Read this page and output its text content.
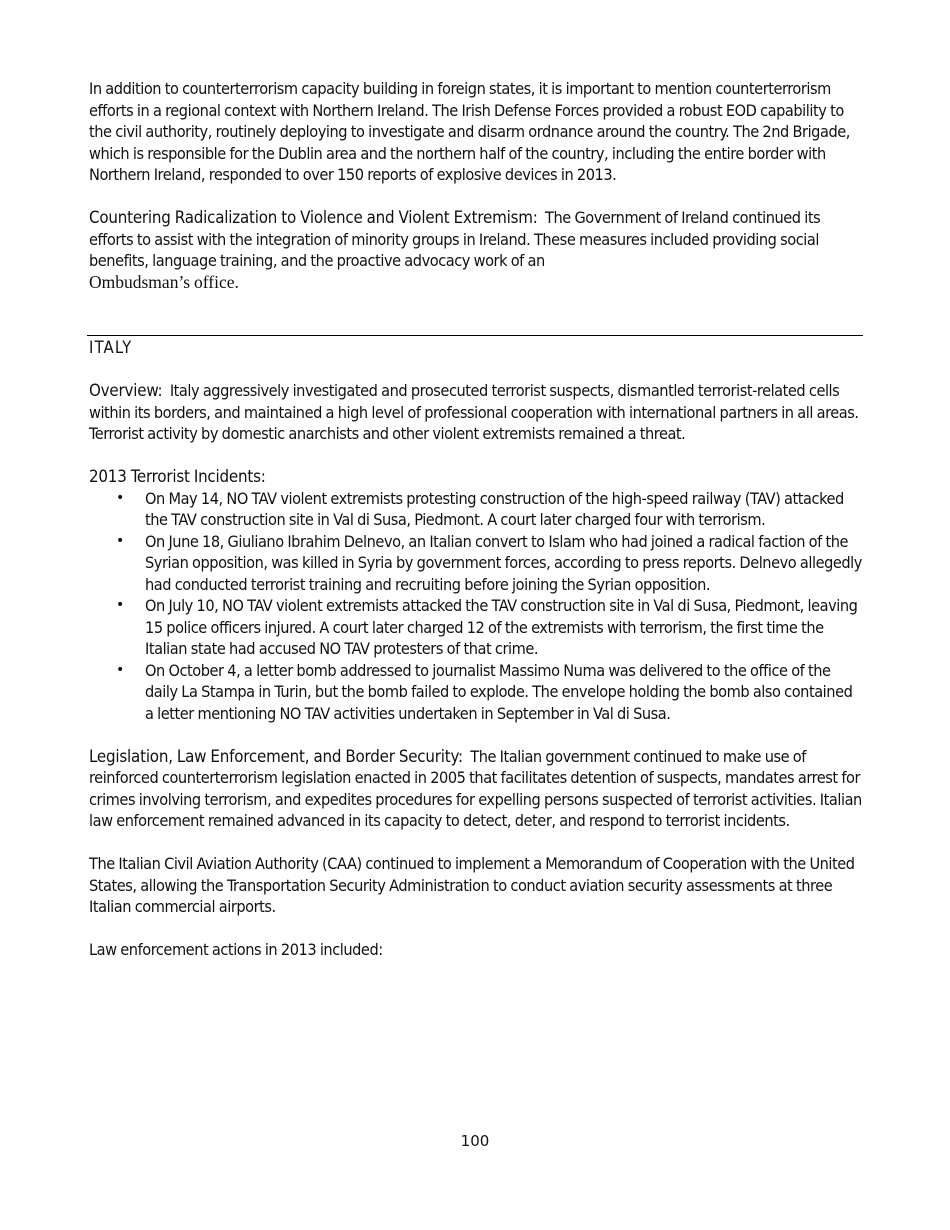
In addition to counterterrorism capacity building in foreign states, it is important to mention counterterrorism efforts in a regional context with Northern Ireland. The Irish Defense Forces provided a robust EOD capability to the civil authority, routinely deploying to investigate and disarm ordnance around the country. The 2nd Brigade, which is responsible for the Dublin area and the northern half of the country, including the entire border with Northern Ireland, responded to over 150 reports of explosive devices in 2013.

Countering Radicalization to Violence and Violent Extremism: The Government of Ireland continued its efforts to assist with the integration of minority groups in Ireland. These measures included providing social benefits, language training, and the proactive advocacy work of an
Ombudsman’s office.

ITALY

Overview: Italy aggressively investigated and prosecuted terrorist suspects, dismantled terrorist-related cells within its borders, and maintained a high level of professional cooperation with international partners in all areas. Terrorist activity by domestic anarchists and other violent extremists remained a threat.

2013 Terrorist Incidents:

• On May 14, NO TAV violent extremists protesting construction of the high-speed railway (TAV) attacked the TAV construction site in Val di Susa, Piedmont. A court later charged four with terrorism.
• On June 18, Giuliano Ibrahim Delnevo, an Italian convert to Islam who had joined a radical faction of the Syrian opposition, was killed in Syria by government forces, according to press reports. Delnevo allegedly had conducted terrorist training and recruiting before joining the Syrian opposition.
• On July 10, NO TAV violent extremists attacked the TAV construction site in Val di Susa, Piedmont, leaving 15 police officers injured. A court later charged 12 of the extremists with terrorism, the first time the Italian state had accused NO TAV protesters of that crime.
• On October 4, a letter bomb addressed to journalist Massimo Numa was delivered to the office of the daily La Stampa in Turin, but the bomb failed to explode. The envelope holding the bomb also contained a letter mentioning NO TAV activities undertaken in September in Val di Susa.

Legislation, Law Enforcement, and Border Security: The Italian government continued to make use of reinforced counterterrorism legislation enacted in 2005 that facilitates detention of suspects, mandates arrest for crimes involving terrorism, and expedites procedures for expelling persons suspected of terrorist activities. Italian law enforcement remained advanced in its capacity to detect, deter, and respond to terrorist incidents.

The Italian Civil Aviation Authority (CAA) continued to implement a Memorandum of Cooperation with the United States, allowing the Transportation Security Administration to conduct aviation security assessments at three Italian commercial airports.

Law enforcement actions in 2013 included:

100
